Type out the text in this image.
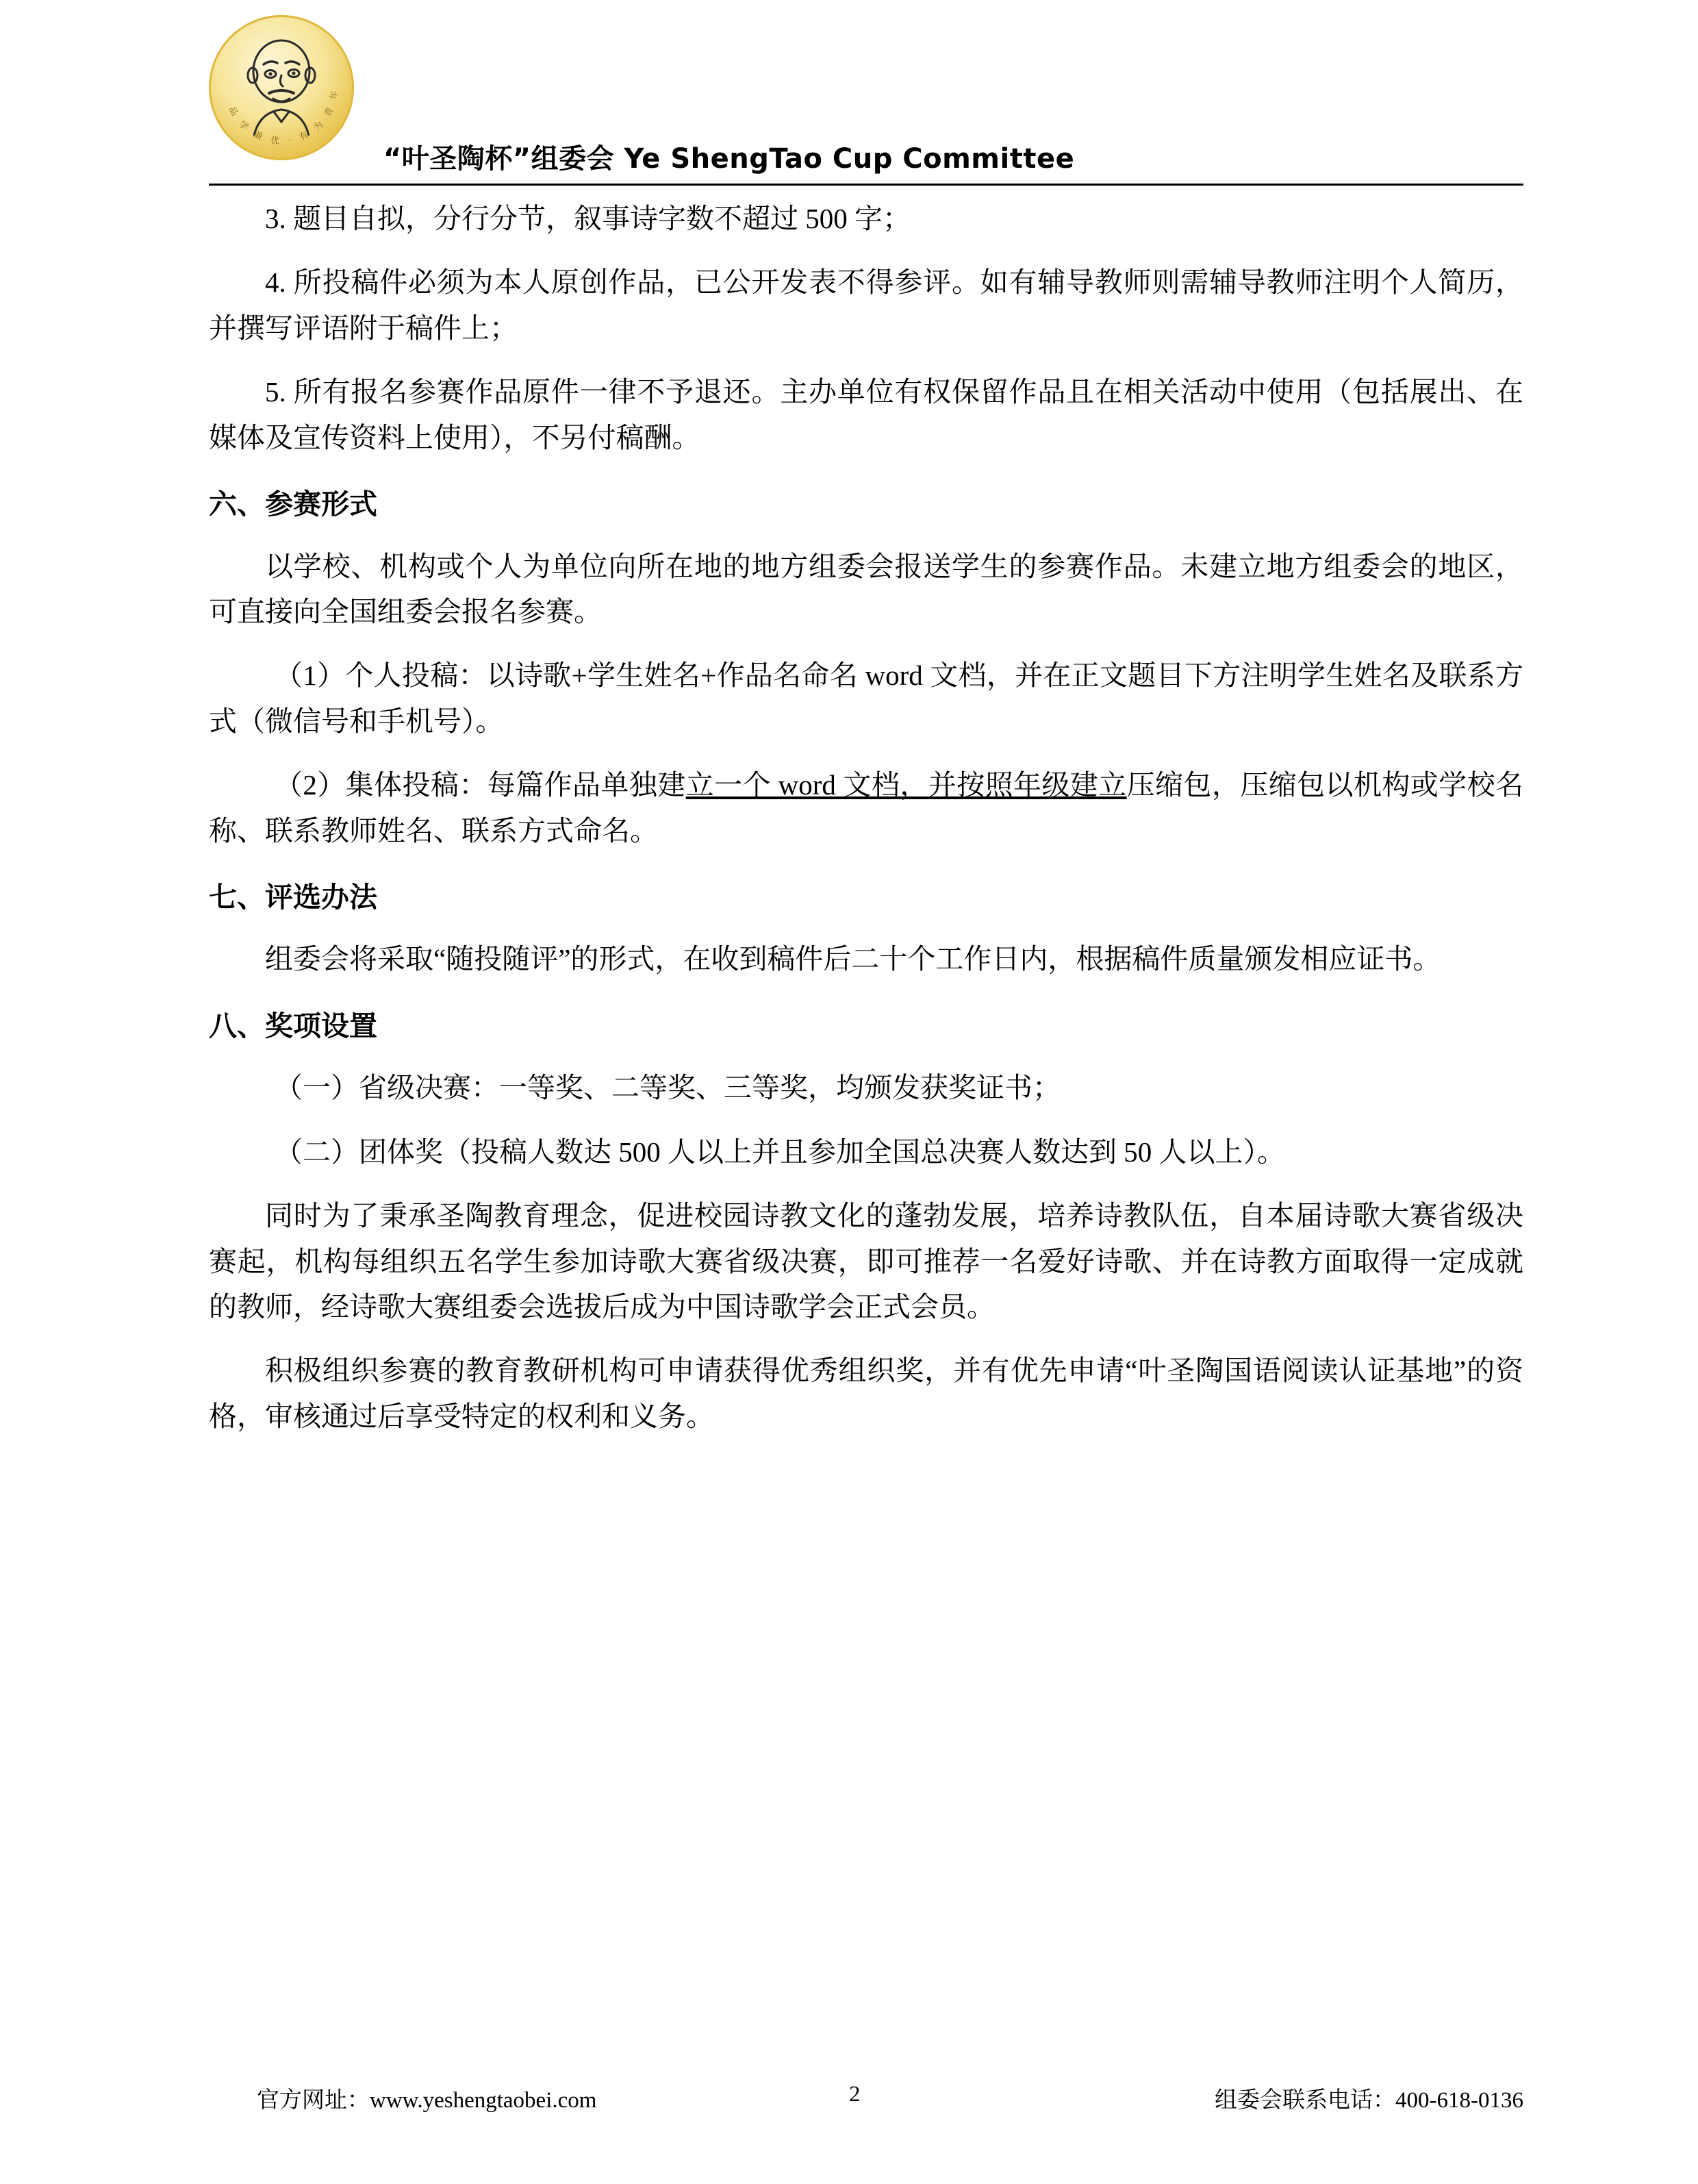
品 学 兼 优 · 有 为 青 年
“叶圣陶杯”组委会 Ye ShengTao Cup Committee

3. 题目自拟，分行分节，叙事诗字数不超过 500 字；

4. 所投稿件必须为本人原创作品，已公开发表不得参评。如有辅导教师则需辅导教师注明个人简历，并撰写评语附于稿件上；

5. 所有报名参赛作品原件一律不予退还。主办单位有权保留作品且在相关活动中使用（包括展出、在媒体及宣传资料上使用），不另付稿酬。

六、参赛形式

以学校、机构或个人为单位向所在地的地方组委会报送学生的参赛作品。未建立地方组委会的地区，可直接向全国组委会报名参赛。

（1）个人投稿：以诗歌+学生姓名+作品名命名 word 文档，并在正文题目下方注明学生姓名及联系方式（微信号和手机号）。

（2）集体投稿：每篇作品单独建立一个 word 文档，并按照年级建立压缩包，压缩包以机构或学校名称、联系教师姓名、联系方式命名。

七、评选办法

组委会将采取“随投随评”的形式，在收到稿件后二十个工作日内，根据稿件质量颁发相应证书。

八、奖项设置

（一）省级决赛：一等奖、二等奖、三等奖，均颁发获奖证书；

（二）团体奖（投稿人数达 500 人以上并且参加全国总决赛人数达到 50 人以上）。

同时为了秉承圣陶教育理念，促进校园诗教文化的蓬勃发展，培养诗教队伍，自本届诗歌大赛省级决赛起，机构每组织五名学生参加诗歌大赛省级决赛，即可推荐一名爱好诗歌、并在诗教方面取得一定成就的教师，经诗歌大赛组委会选拔后成为中国诗歌学会正式会员。

积极组织参赛的教育教研机构可申请获得优秀组织奖，并有优先申请“叶圣陶国语阅读认证基地”的资格，审核通过后享受特定的权利和义务。

官方网址：www.yeshengtaobei.com	2	组委会联系电话：400-618-0136
